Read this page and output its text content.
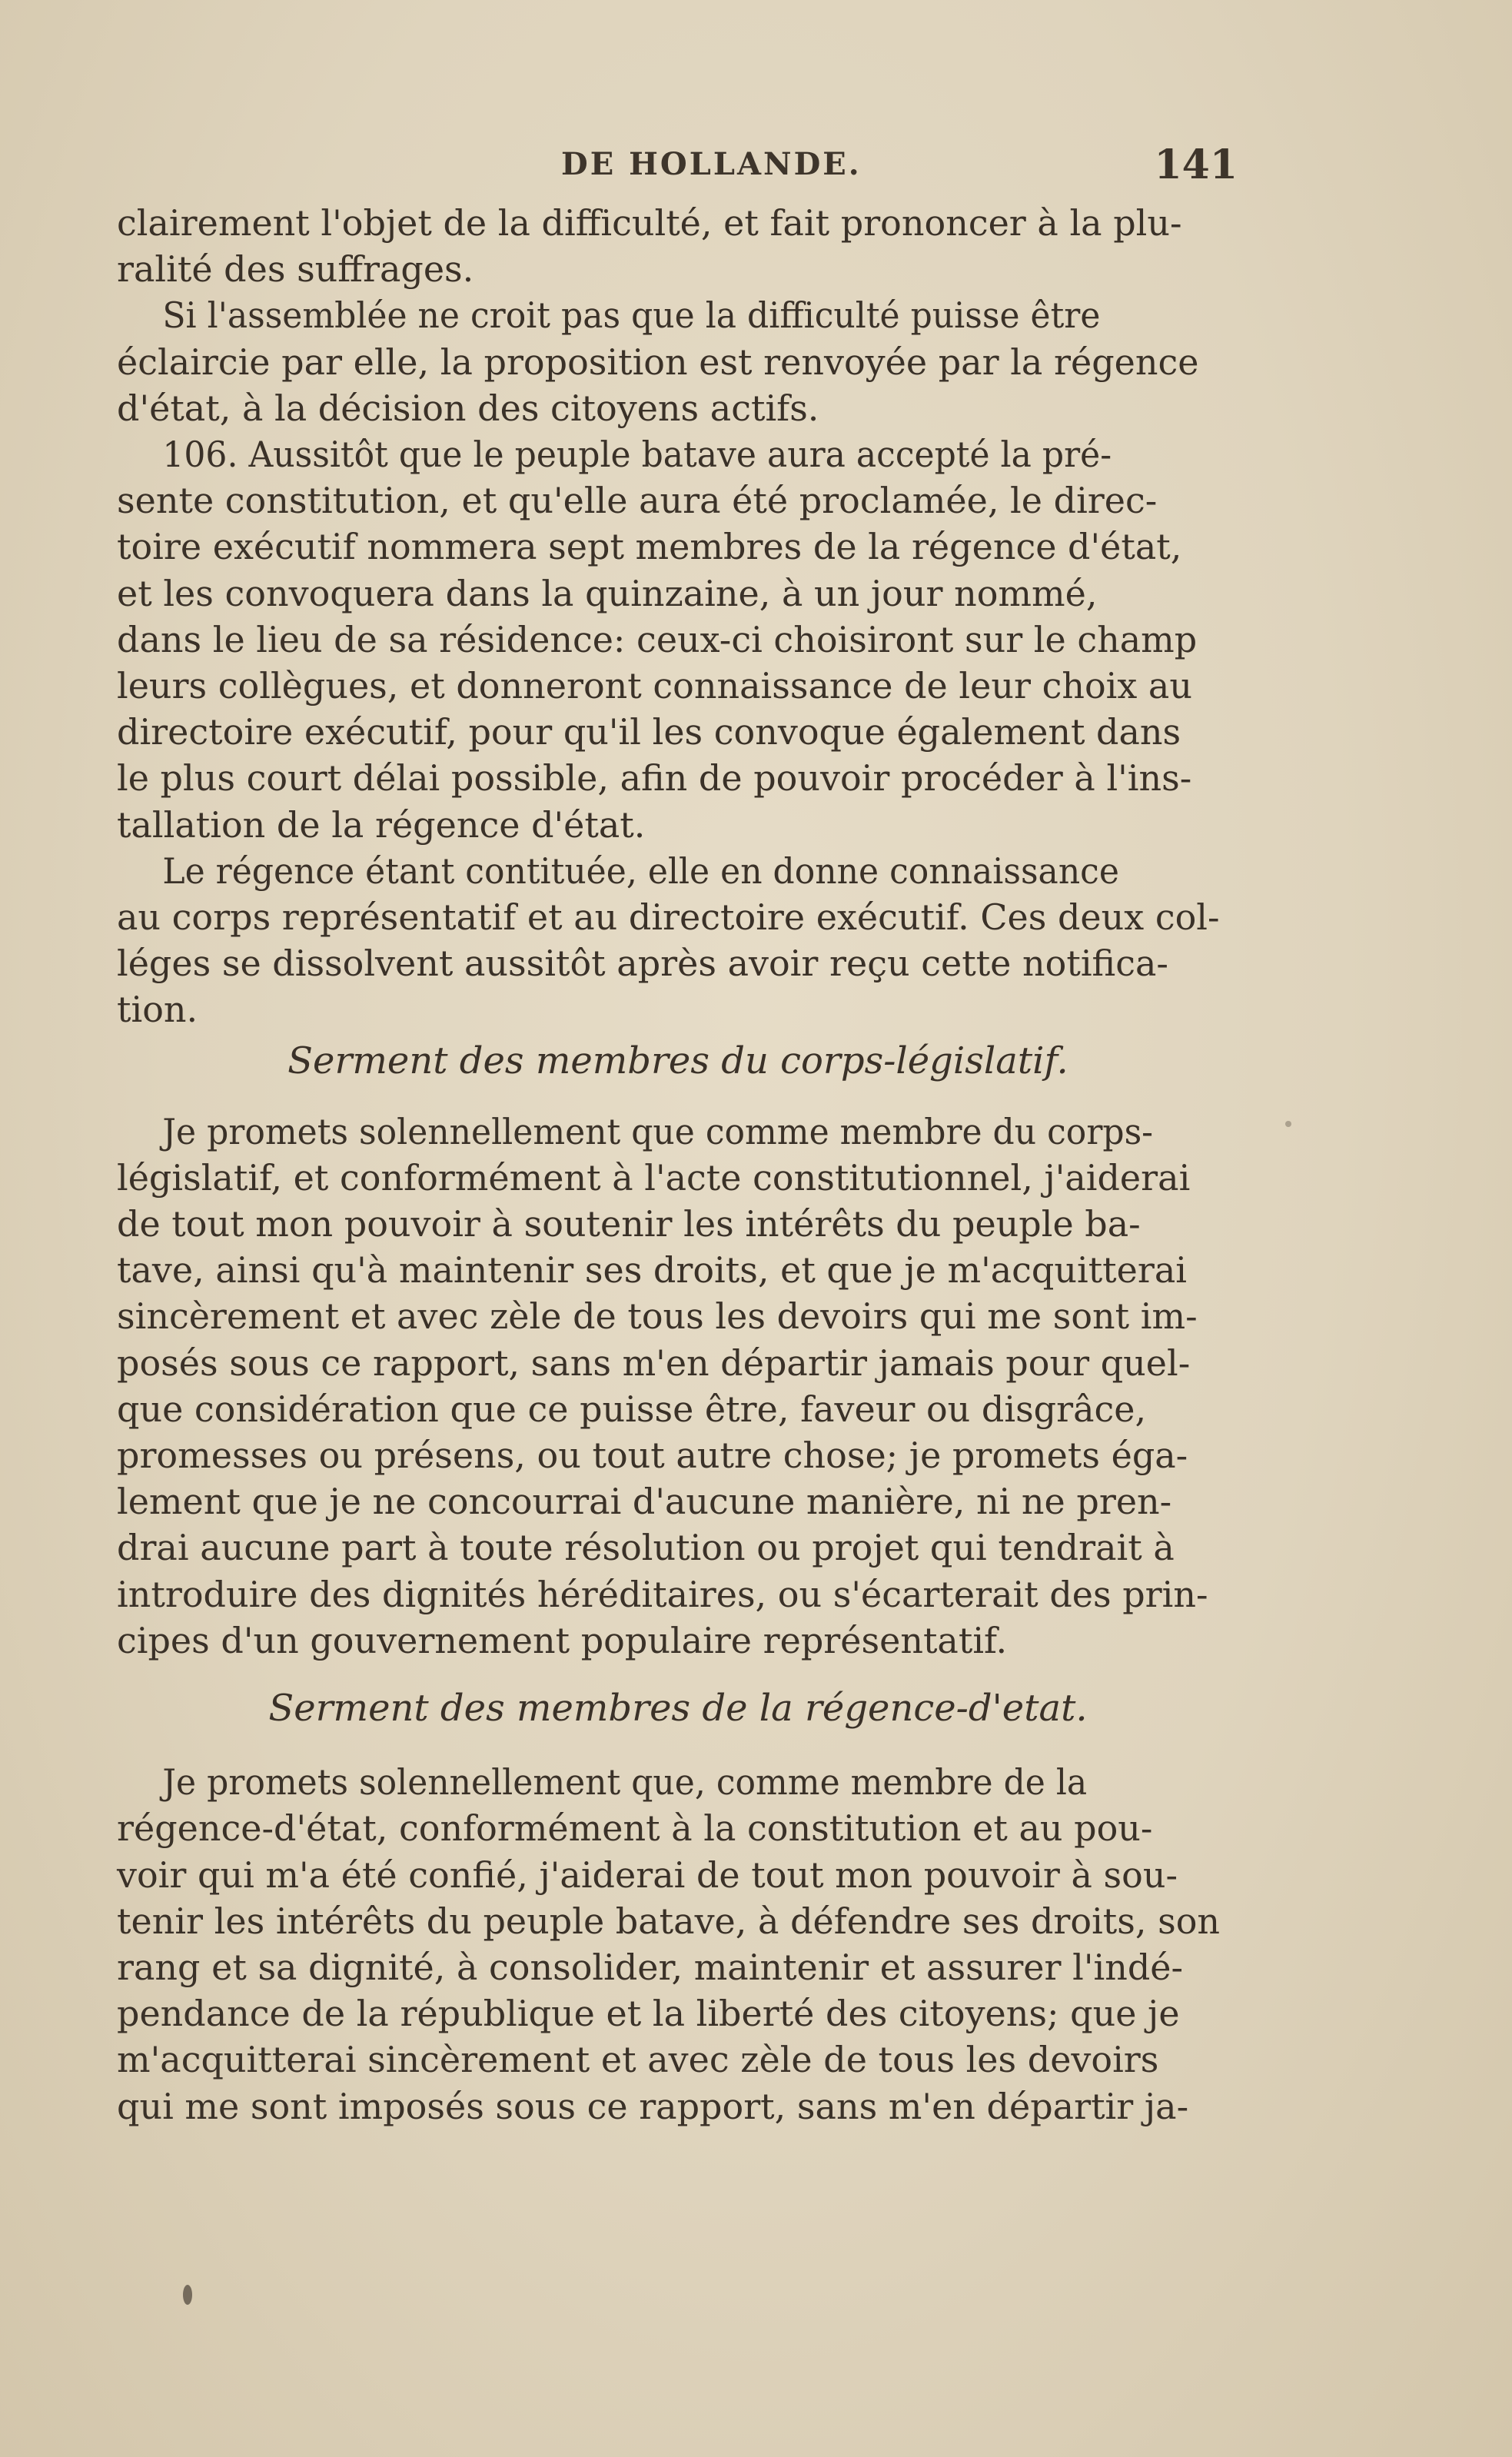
DE HOLLANDE.	141

clairement l'objet de la difficulté, et fait prononcer à la plu-
ralité des suffrages.
Si l'assemblée ne croit pas que la difficulté puisse être
éclaircie par elle, la proposition est renvoyée par la régence
d'état, à la décision des citoyens actifs.

106. Aussitôt que le peuple batave aura accepté la pré-
sente constitution, et qu'elle aura été proclamée, le direc-
toire exécutif nommera sept membres de la régence d'état,
et les convoquera dans la quinzaine, à un jour nommé,
dans le lieu de sa résidence: ceux-ci choisiront sur le champ
leurs collègues, et donneront connaissance de leur choix au
directoire exécutif, pour qu'il les convoque également dans
le plus court délai possible, afin de pouvoir procéder à l'ins-
tallation de la régence d'état.

Le régence étant contituée, elle en donne connaissance
au corps représentatif et au directoire exécutif. Ces deux col-
léges se dissolvent aussitôt après avoir reçu cette notifica-
tion.

Serment des membres du corps-législatif.

Je promets solennellement que comme membre du corps-
législatif, et conformément à l'acte constitutionnel, j'aiderai
de tout mon pouvoir à soutenir les intérêts du peuple ba-
tave, ainsi qu'à maintenir ses droits, et que je m'acquitterai
sincèrement et avec zèle de tous les devoirs qui me sont im-
posés sous ce rapport, sans m'en départir jamais pour quel-
que considération que ce puisse être, faveur ou disgrâce,
promesses ou présens, ou tout autre chose; je promets éga-
lement que je ne concourrai d'aucune manière, ni ne pren-
drai aucune part à toute résolution ou projet qui tendrait à
introduire des dignités héréditaires, ou s'écarterait des prin-
cipes d'un gouvernement populaire représentatif.

Serment des membres de la régence-d'etat.

Je promets solennellement que, comme membre de la
régence-d'état, conformément à la constitution et au pou-
voir qui m'a été confié, j'aiderai de tout mon pouvoir à sou-
tenir les intérêts du peuple batave, à défendre ses droits, son
rang et sa dignité, à consolider, maintenir et assurer l'indé-
pendance de la république et la liberté des citoyens; que je
m'acquitterai sincèrement et avec zèle de tous les devoirs
qui me sont imposés sous ce rapport, sans m'en départir ja-
